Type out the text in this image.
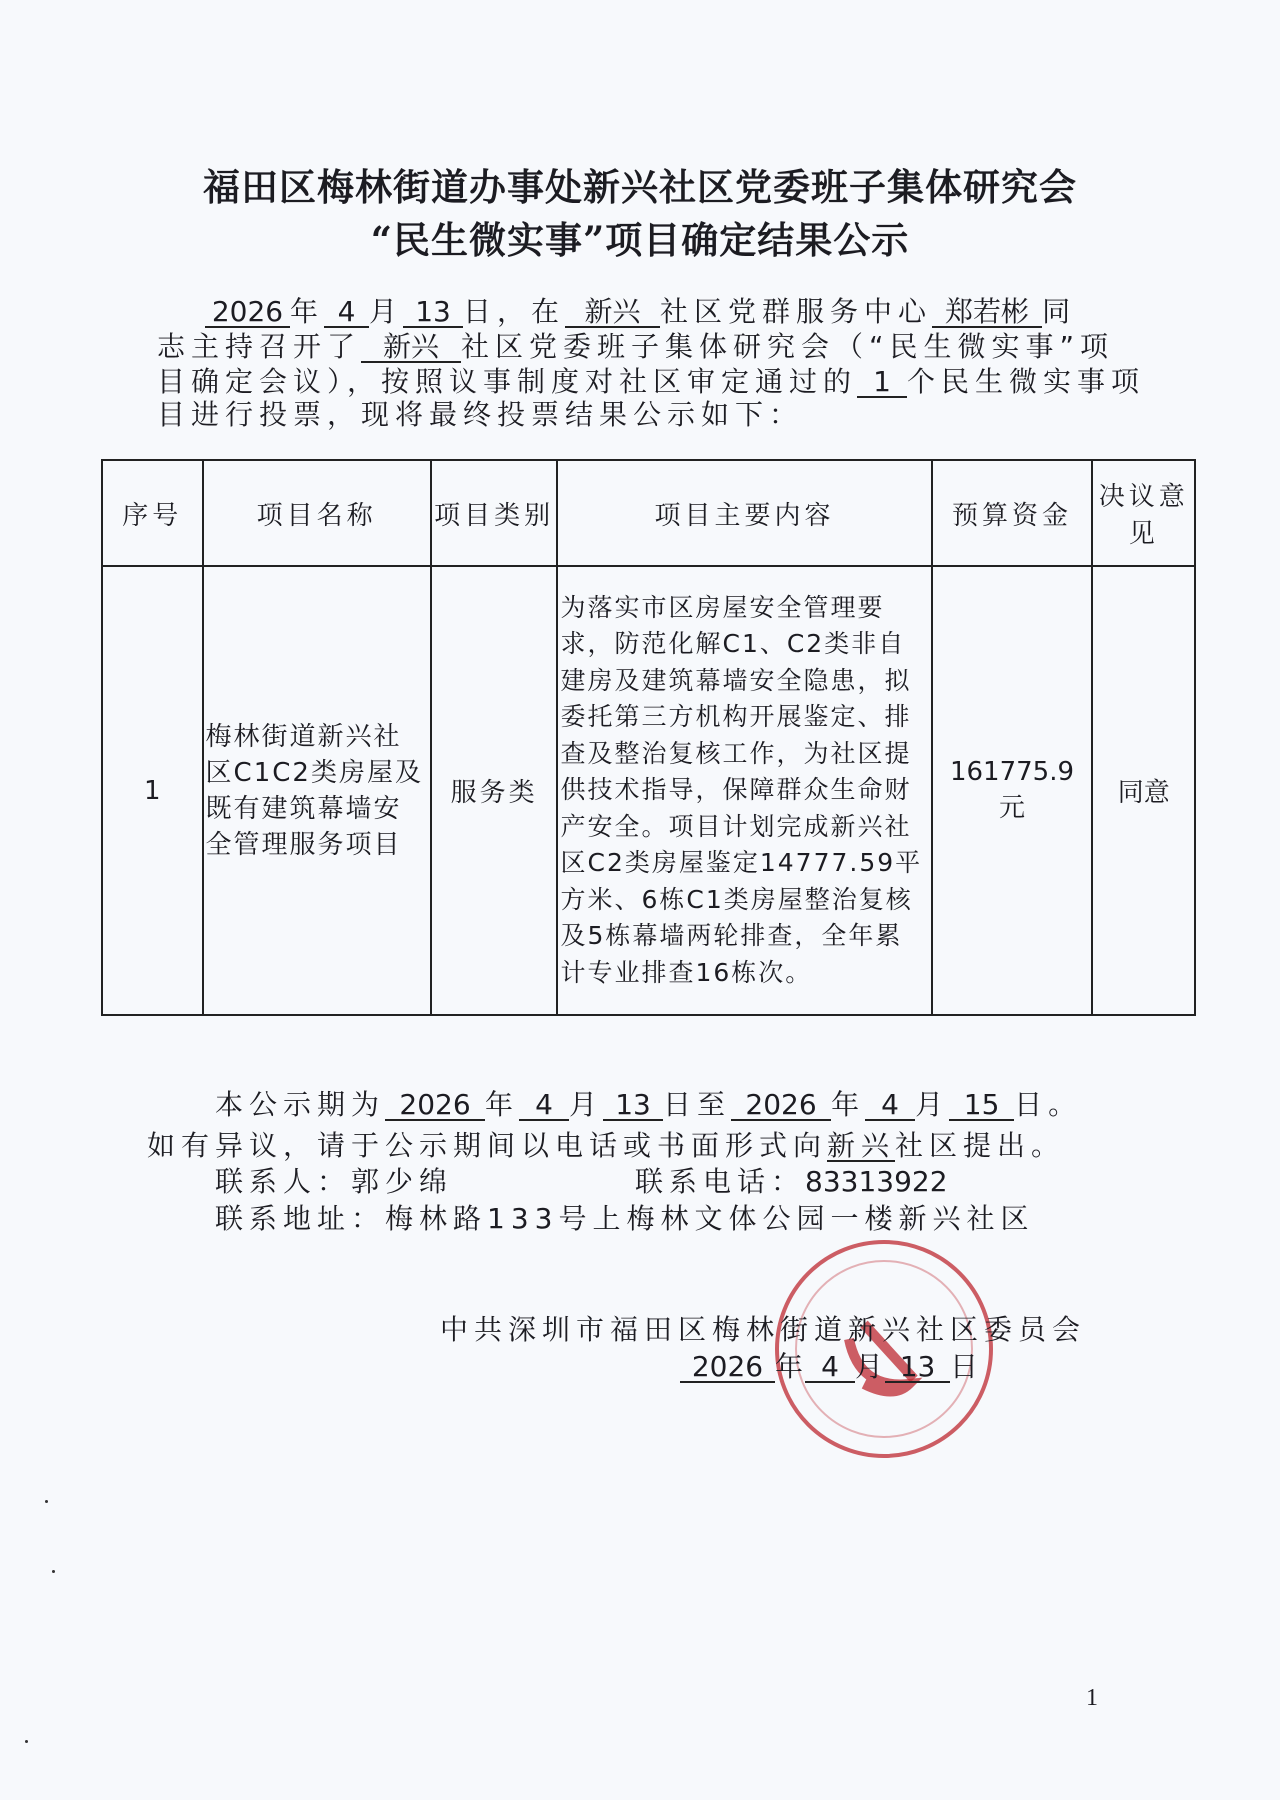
福田区梅林街道办事处新兴社区党委班子集体研究会
“民生微实事”项目确定结果公示
2026 年 4 月 13 日，在 新兴 社区党群服务中心 郑若彬 同
志主持召开了 新兴 社区党委班子集体研究会（“民生微实事”项
目确定会议），按照议事制度对社区审定通过的 1 个民生微实事项
目进行投票，现将最终投票结果公示如下：
序号	项目名称	项目类别	项目主要内容	预算资金	决议意见
1	梅林街道新兴社区C1C2类房屋及既有建筑幕墙安全管理服务项目	服务类	为落实市区房屋安全管理要求，防范化解C1、C2类非自建房及建筑幕墙安全隐患，拟委托第三方机构开展鉴定、排查及整治复核工作，为社区提供技术指导，保障群众生命财产安全。项目计划完成新兴社区C2类房屋鉴定14777.59平方米、6栋C1类房屋整治复核及5栋幕墙两轮排查，全年累计专业排查16栋次。	161775.9 元	同意
本公示期为 2026 年 4 月 13 日至 2026 年 4 月 15 日。
如有异议，请于公示期间以电话或书面形式向新兴社区提出。
联系人：郭少绵	联系电话：83313922
联系地址：梅林路133号上梅林文体公园一楼新兴社区
中共深圳市福田区梅林街道新兴社区委员会
2026 年 4 月 13 日
1
